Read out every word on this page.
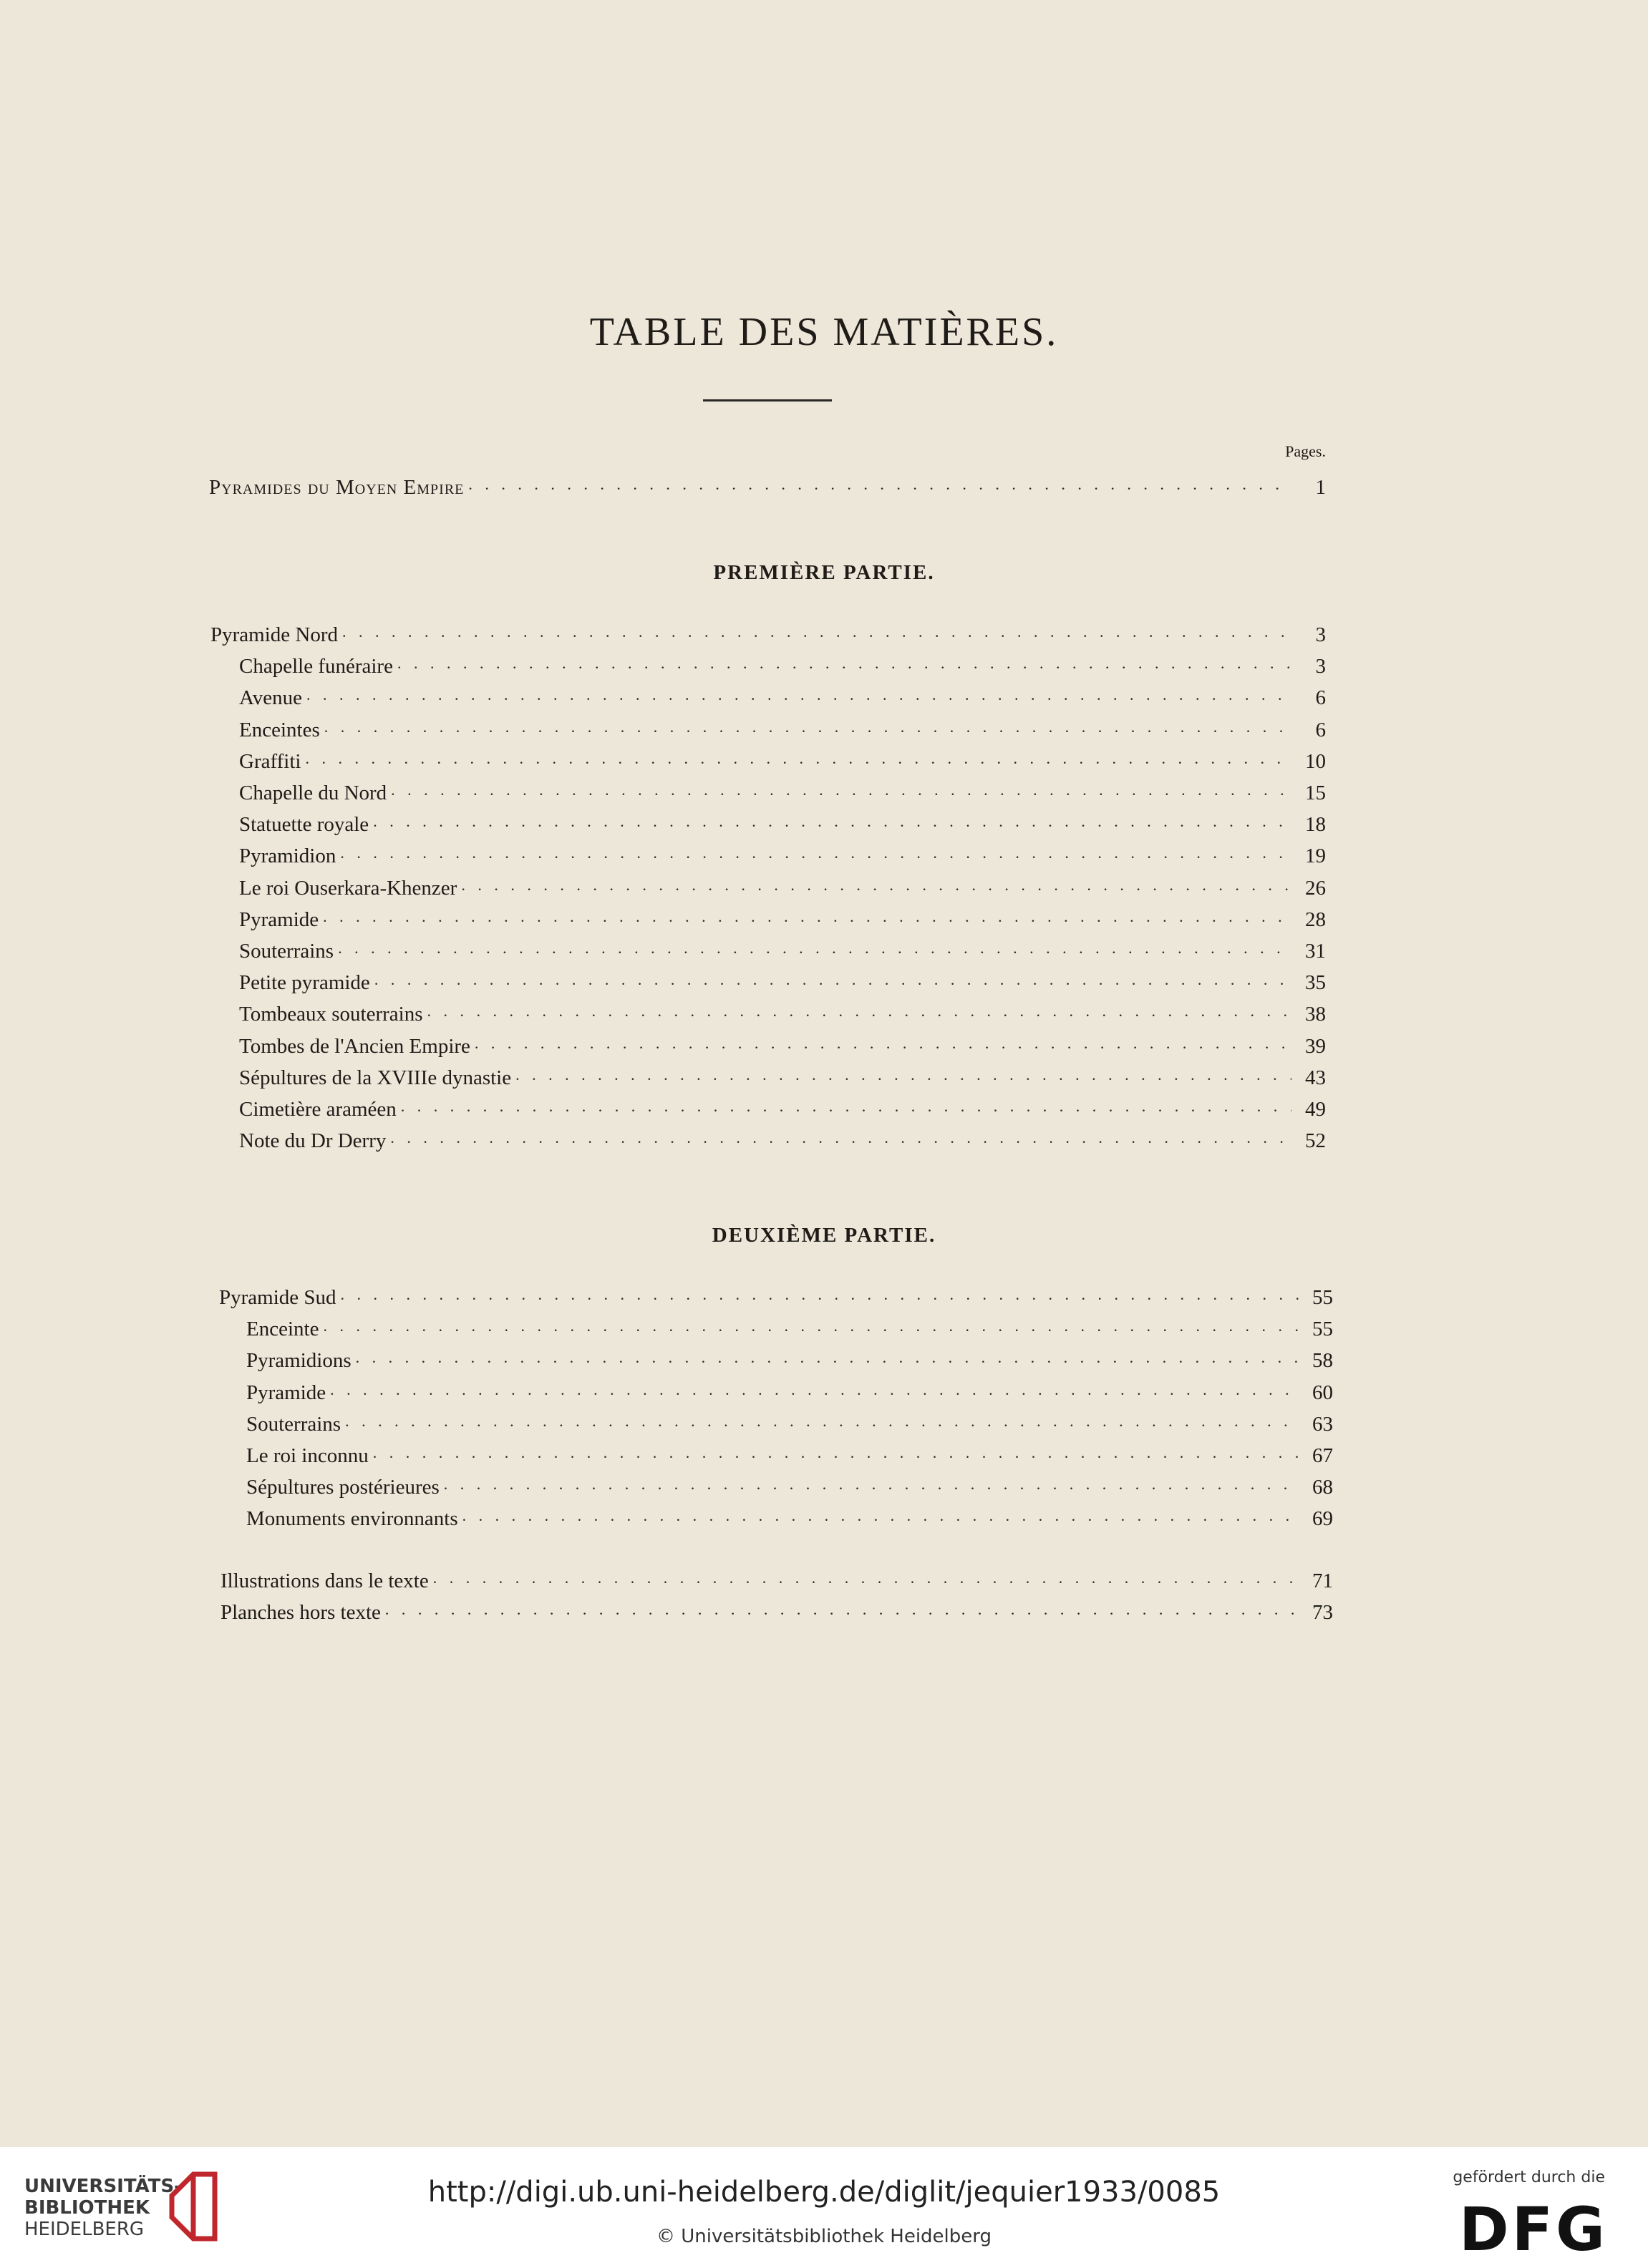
TABLE DES MATIÈRES.
Pages.
Pyramides du Moyen Empire . . .	1
PREMIÈRE PARTIE.
DEUXIÈME PARTIE.
Pyramide Nord . . .	3
Chapelle funéraire . . .	3
Avenue . . .	6
Enceintes . . .	6
Graffiti . . .	10
Chapelle du Nord . . .	15
Statuette royale . . .	18
Pyramidion . . .	19
Le roi Ouserkara-Khenzer . . .	26
Pyramide . . .	28
Souterrains . . .	31
Petite pyramide . . .	35
Tombeaux souterrains . . .	38
Tombes de l'Ancien Empire . . .	39
Sépultures de la XVIIIe dynastie . . .	43
Cimetière araméen . . .	49
Note du Dr Derry . . .	52
Pyramide Sud . . .	55
Enceinte . . .	55
Pyramidions . . .	58
Pyramide . . .	60
Souterrains . . .	63
Le roi inconnu . . .	67
Sépultures postérieures . . .	68
Monuments environnants . . .	69
Illustrations dans le texte . . .	71
Planches hors texte . . .	73
UNIVERSITÄTS-
BIBLIOTHEK
HEIDELBERG
http://digi.ub.uni-heidelberg.de/diglit/jequier1933/0085
© Universitätsbibliothek Heidelberg
gefördert durch die
DFG
